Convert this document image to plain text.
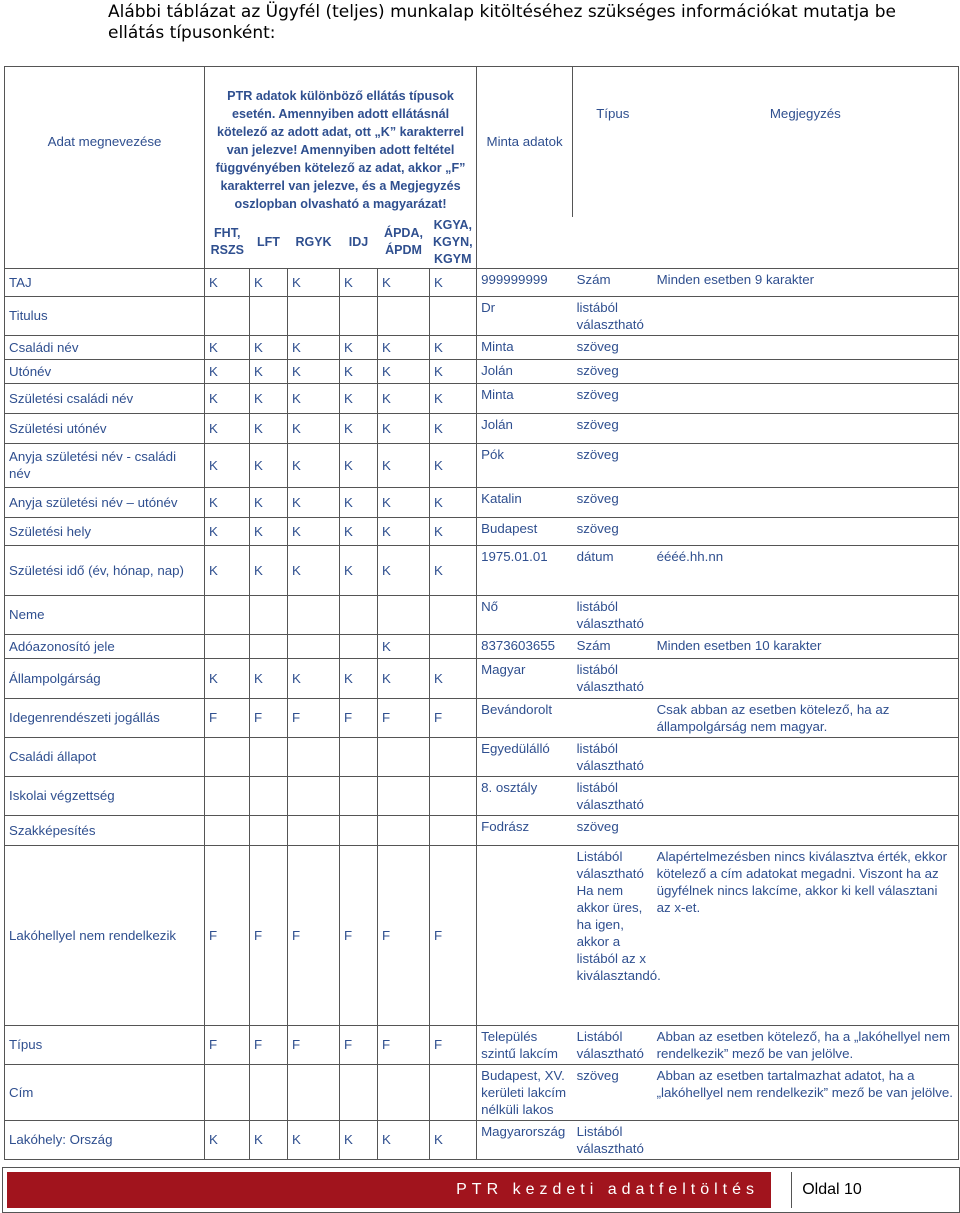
Alábbi táblázat az Ügyfél (teljes) munkalap kitöltéséhez szükséges információkat mutatja be ellátás típusonként:
Adat megnevezése	PTR adatok különböző ellátás típusok esetén. Amennyiben adott ellátásnál kötelező az adott adat, ott „K” karakterrel van jelezve! Amennyiben adott feltétel függvényében kötelező az adat, akkor „F” karakterrel van jelezve, és a Megjegyzés oszlopban olvasható a magyarázat!						Minta adatok	Típus	Megjegyzés
	FHT, RSZS	LFT	RGYK	IDJ	ÁPDA, ÁPDM	KGYA, KGYN, KGYM			
TAJ	K	K	K	K	K	K	999999999	Szám	Minden esetben 9 karakter
Titulus							Dr	listából választható	
Családi név	K	K	K	K	K	K	Minta	szöveg	
Utónév	K	K	K	K	K	K	Jolán	szöveg	
Születési családi név	K	K	K	K	K	K	Minta	szöveg	
Születési utónév	K	K	K	K	K	K	Jolán	szöveg	
Anyja születési név - családi név	K	K	K	K	K	K	Pók	szöveg	
Anyja születési név – utónév	K	K	K	K	K	K	Katalin	szöveg	
Születési hely	K	K	K	K	K	K	Budapest	szöveg	
Születési idő (év, hónap, nap)	K	K	K	K	K	K	1975.01.01	dátum	éééé.hh.nn
Neme							Nő	listából választható	
Adóazonosító jele					K		8373603655	Szám	Minden esetben 10 karakter
Állampolgárság	K	K	K	K	K	K	Magyar	listából választható	
Idegenrendészeti jogállás	F	F	F	F	F	F	Bevándorolt		Csak abban az esetben kötelező, ha az állampolgárság nem magyar.
Családi állapot							Egyedülálló	listából választható	
Iskolai végzettség							8. osztály	listából választható	
Szakképesítés							Fodrász	szöveg	
Lakóhellyel nem rendelkezik	F	F	F	F	F	F		Listából választható Ha nem akkor üres, ha igen, akkor a listából az x kiválasztandó.	Alapértelmezésben nincs kiválasztva érték, ekkor kötelező a cím adatokat megadni. Viszont ha az ügyfélnek nincs lakcíme, akkor ki kell választani az x-et.
Típus	F	F	F	F	F	F	Település szintű lakcím	Listából választható	Abban az esetben kötelező, ha a „lakóhellyel nem rendelkezik” mező be van jelölve.
Cím							Budapest, XV. kerületi lakcím nélküli lakos	szöveg	Abban az esetben tartalmazhat adatot, ha a „lakóhellyel nem rendelkezik” mező be van jelölve.
Lakóhely: Ország	K	K	K	K	K	K	Magyarország	Listából választható	
PTR kezdeti adatfeltöltés	Oldal 10
